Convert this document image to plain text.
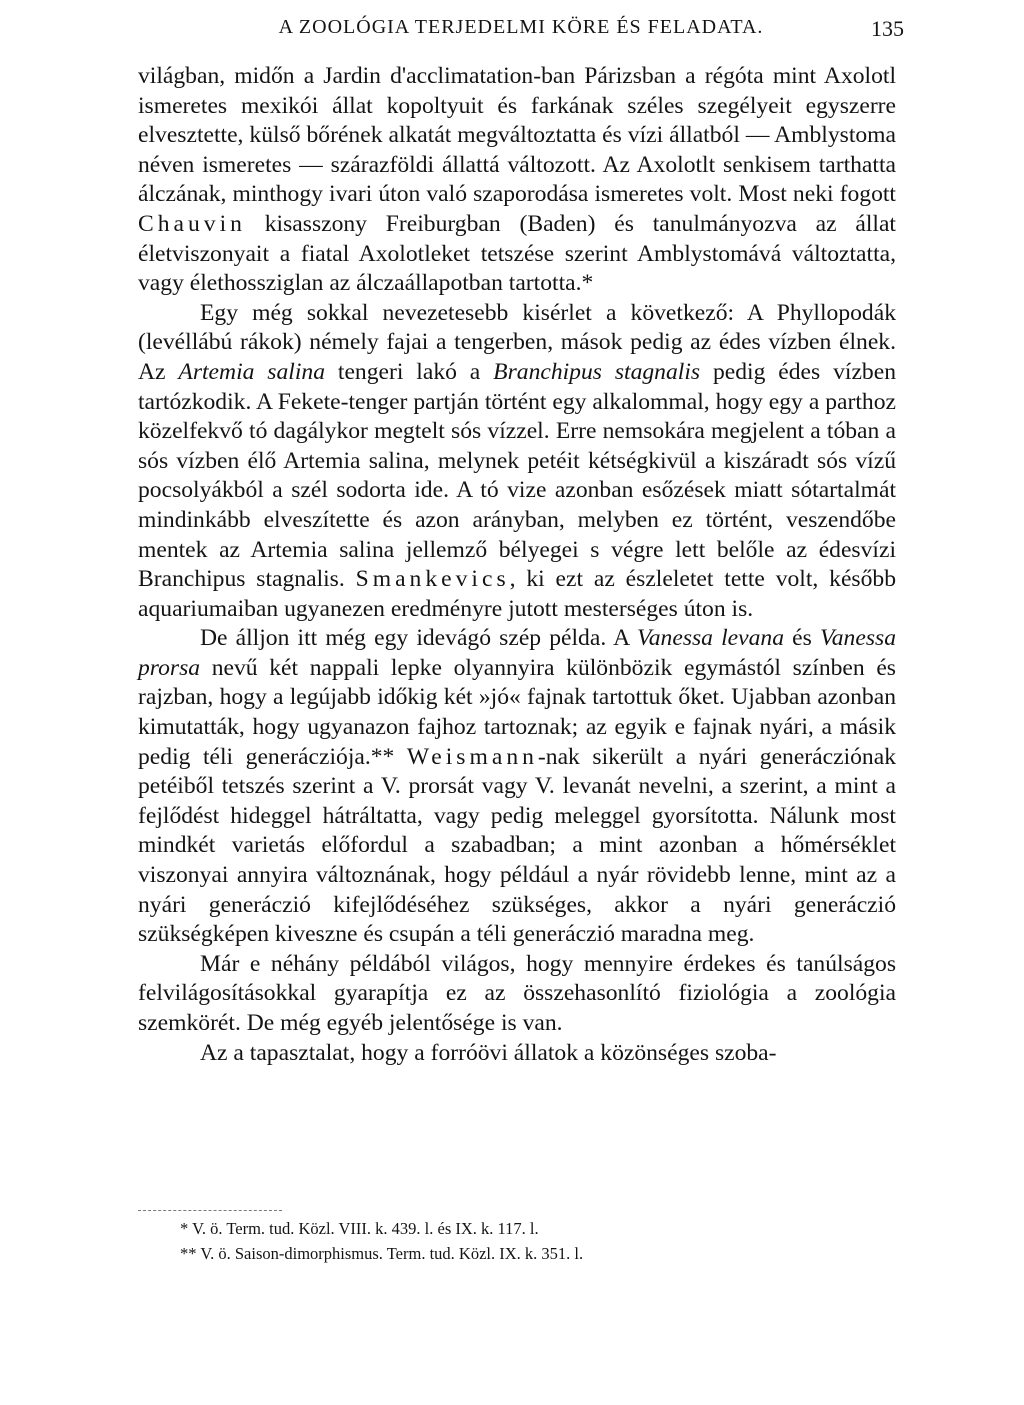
A ZOOLÓGIA TERJEDELMI KÖRE ÉS FELADATA.	135

világban, midőn a Jardin d'acclimatation-ban Párizsban a régóta mint Axolotl ismeretes mexikói állat kopoltyuit és farkának széles szegélyeit egyszerre elvesztette, külső bőrének alkatát megváltoztatta és vízi állatból — Amblystoma néven ismeretes — szárazföldi állattá változott. Az Axolotlt senkisem tarthatta álczának, minthogy ivari úton való szaporodása ismeretes volt. Most neki fogott Chauvin kisasszony Freiburgban (Baden) és tanulmányozva az állat életviszonyait a fiatal Axolotleket tetszése szerint Amblystomává változtatta, vagy élethossziglan az álczaállapotban tartotta.*

Egy még sokkal nevezetesebb kisérlet a következő: A Phyllopodák (levéllábú rákok) némely fajai a tengerben, mások pedig az édes vízben élnek. Az Artemia salina tengeri lakó a Branchipus stagnalis pedig édes vízben tartózkodik. A Fekete-tenger partján történt egy alkalommal, hogy egy a parthoz közelfekvő tó dagálykor megtelt sós vízzel. Erre nemsokára megjelent a tóban a sós vízben élő Artemia salina, melynek petéit kétségkivül a kiszáradt sós vízű pocsolyákból a szél sodorta ide. A tó vize azonban esőzések miatt sótartalmát mindinkább elveszítette és azon arányban, melyben ez történt, veszendőbe mentek az Artemia salina jellemző bélyegei s végre lett belőle az édesvízi Branchipus stagnalis. Smankevics, ki ezt az észleletet tette volt, később aquariumaiban ugyanezen eredményre jutott mesterséges úton is.

De álljon itt még egy idevágó szép példa. A Vanessa levana és Vanessa prorsa nevű két nappali lepke olyannyira különbözik egymástól színben és rajzban, hogy a legújabb időkig két »jó« fajnak tartottuk őket. Ujabban azonban kimutatták, hogy ugyanazon fajhoz tartoznak; az egyik e fajnak nyári, a másik pedig téli generácziója.** Weismann-nak sikerült a nyári generácziónak petéiből tetszés szerint a V. prorsát vagy V. levanát nevelni, a szerint, a mint a fejlődést hideggel hátráltatta, vagy pedig meleggel gyorsította. Nálunk most mindkét varietás előfordul a szabadban; a mint azonban a hőmérséklet viszonyai annyira változnának, hogy például a nyár rövidebb lenne, mint az a nyári generáczió kifejlődéséhez szükséges, akkor a nyári generáczió szükségképen kiveszne és csupán a téli generáczió maradna meg.

Már e néhány példából világos, hogy mennyire érdekes és tanúlságos felvilágosításokkal gyarapítja ez az összehasonlító fiziológia a zoológia szemkörét. De még egyéb jelentősége is van.

Az a tapasztalat, hogy a forróövi állatok a közönséges szoba-

* V. ö. Term. tud. Közl. VIII. k. 439. l. és IX. k. 117. l.

** V. ö. Saison-dimorphismus. Term. tud. Közl. IX. k. 351. l.
